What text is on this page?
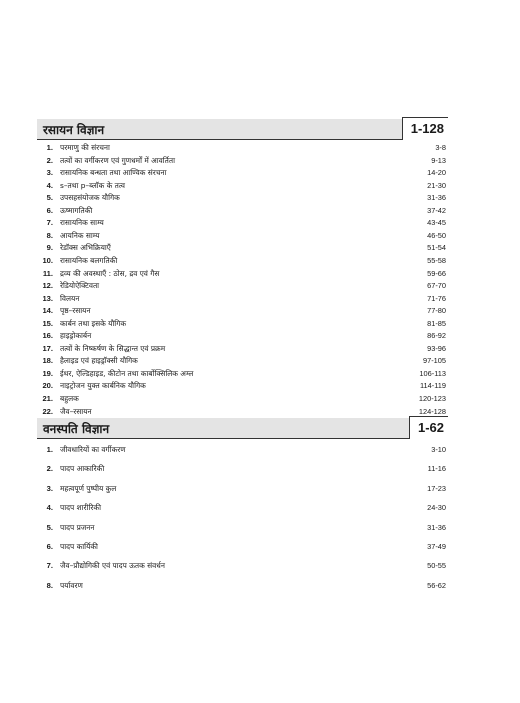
रसायन विज्ञान	1-128
1. परमाणु की संरचना	3-8
2. तत्वों का वर्गीकरण एवं गुणधर्मों में आवर्तिता	9-13
3. रासायनिक बन्धता तथा आण्विक संरचना	14-20
4. s–तथा p–ब्लॉक के तत्व	21-30
5. उपसहसंयोजक यौगिक	31-36
6. ऊष्मागतिकी	37-42
7. रासायनिक साम्य	43-45
8. आयनिक साम्य	46-50
9. रेडॉक्स अभिक्रियाएँ	51-54
10. रासायनिक बलगतिकी	55-58
11. द्रव्य की अवस्थाएँ : ठोस, द्रव एवं गैस	59-66
12. रेडियोऐक्टिवता	67-70
13. विलयन	71-76
14. पृष्ठ–रसायन	77-80
15. कार्बन तथा इसके यौगिक	81-85
16. हाइड्रोकार्बन	86-92
17. तत्वों के निष्कर्षण के सिद्धान्त एवं प्रक्रम	93-96
18. हैलाइड एवं हाइड्रॉक्सी यौगिक	97-105
19. ईथर, ऐल्डिहाइड, कीटोन तथा कार्बोक्सिलिक अम्ल	106-113
20. नाइट्रोजन युक्त कार्बनिक यौगिक	114-119
21. बहुलक	120-123
22. जैव–रसायन	124-128
वनस्पति विज्ञान	1-62
1. जीवधारियों का वर्गीकरण	3-10
2. पादप आकारिकी	11-16
3. महत्वपूर्ण पुष्पीय कुल	17-23
4. पादप शारीरिकी	24-30
5. पादप प्रजनन	31-36
6. पादप कार्यिकी	37-49
7. जैव–प्रौद्योगिकी एवं पादप ऊतक संवर्धन	50-55
8. पर्यावरण	56-62
